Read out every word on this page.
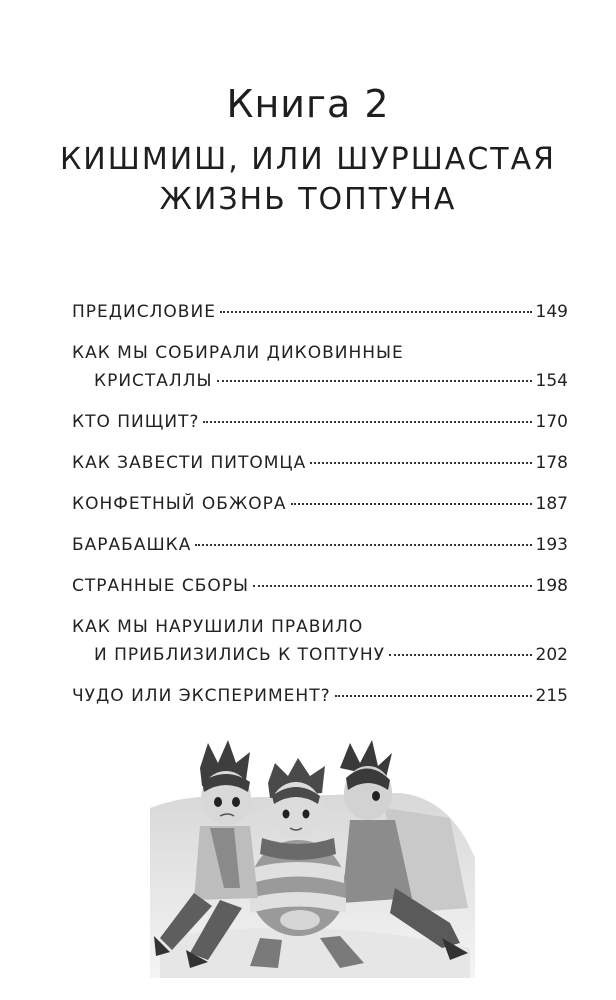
Книга 2
КИШМИШ, ИЛИ ШУРШАСТАЯ
ЖИЗНЬ ТОПТУНА
ПРЕДИСЛОВИЕ	149
КАК МЫ СОБИРАЛИ ДИКОВИННЫЕ
КРИСТАЛЛЫ	154
КТО ПИЩИТ?	170
КАК ЗАВЕСТИ ПИТОМЦА	178
КОНФЕТНЫЙ ОБЖОРА	187
БАРАБАШКА	193
СТРАННЫЕ СБОРЫ	198
КАК МЫ НАРУШИЛИ ПРАВИЛО
И ПРИБЛИЗИЛИСЬ К ТОПТУНУ	202
ЧУДО ИЛИ ЭКСПЕРИМЕНТ?	215
